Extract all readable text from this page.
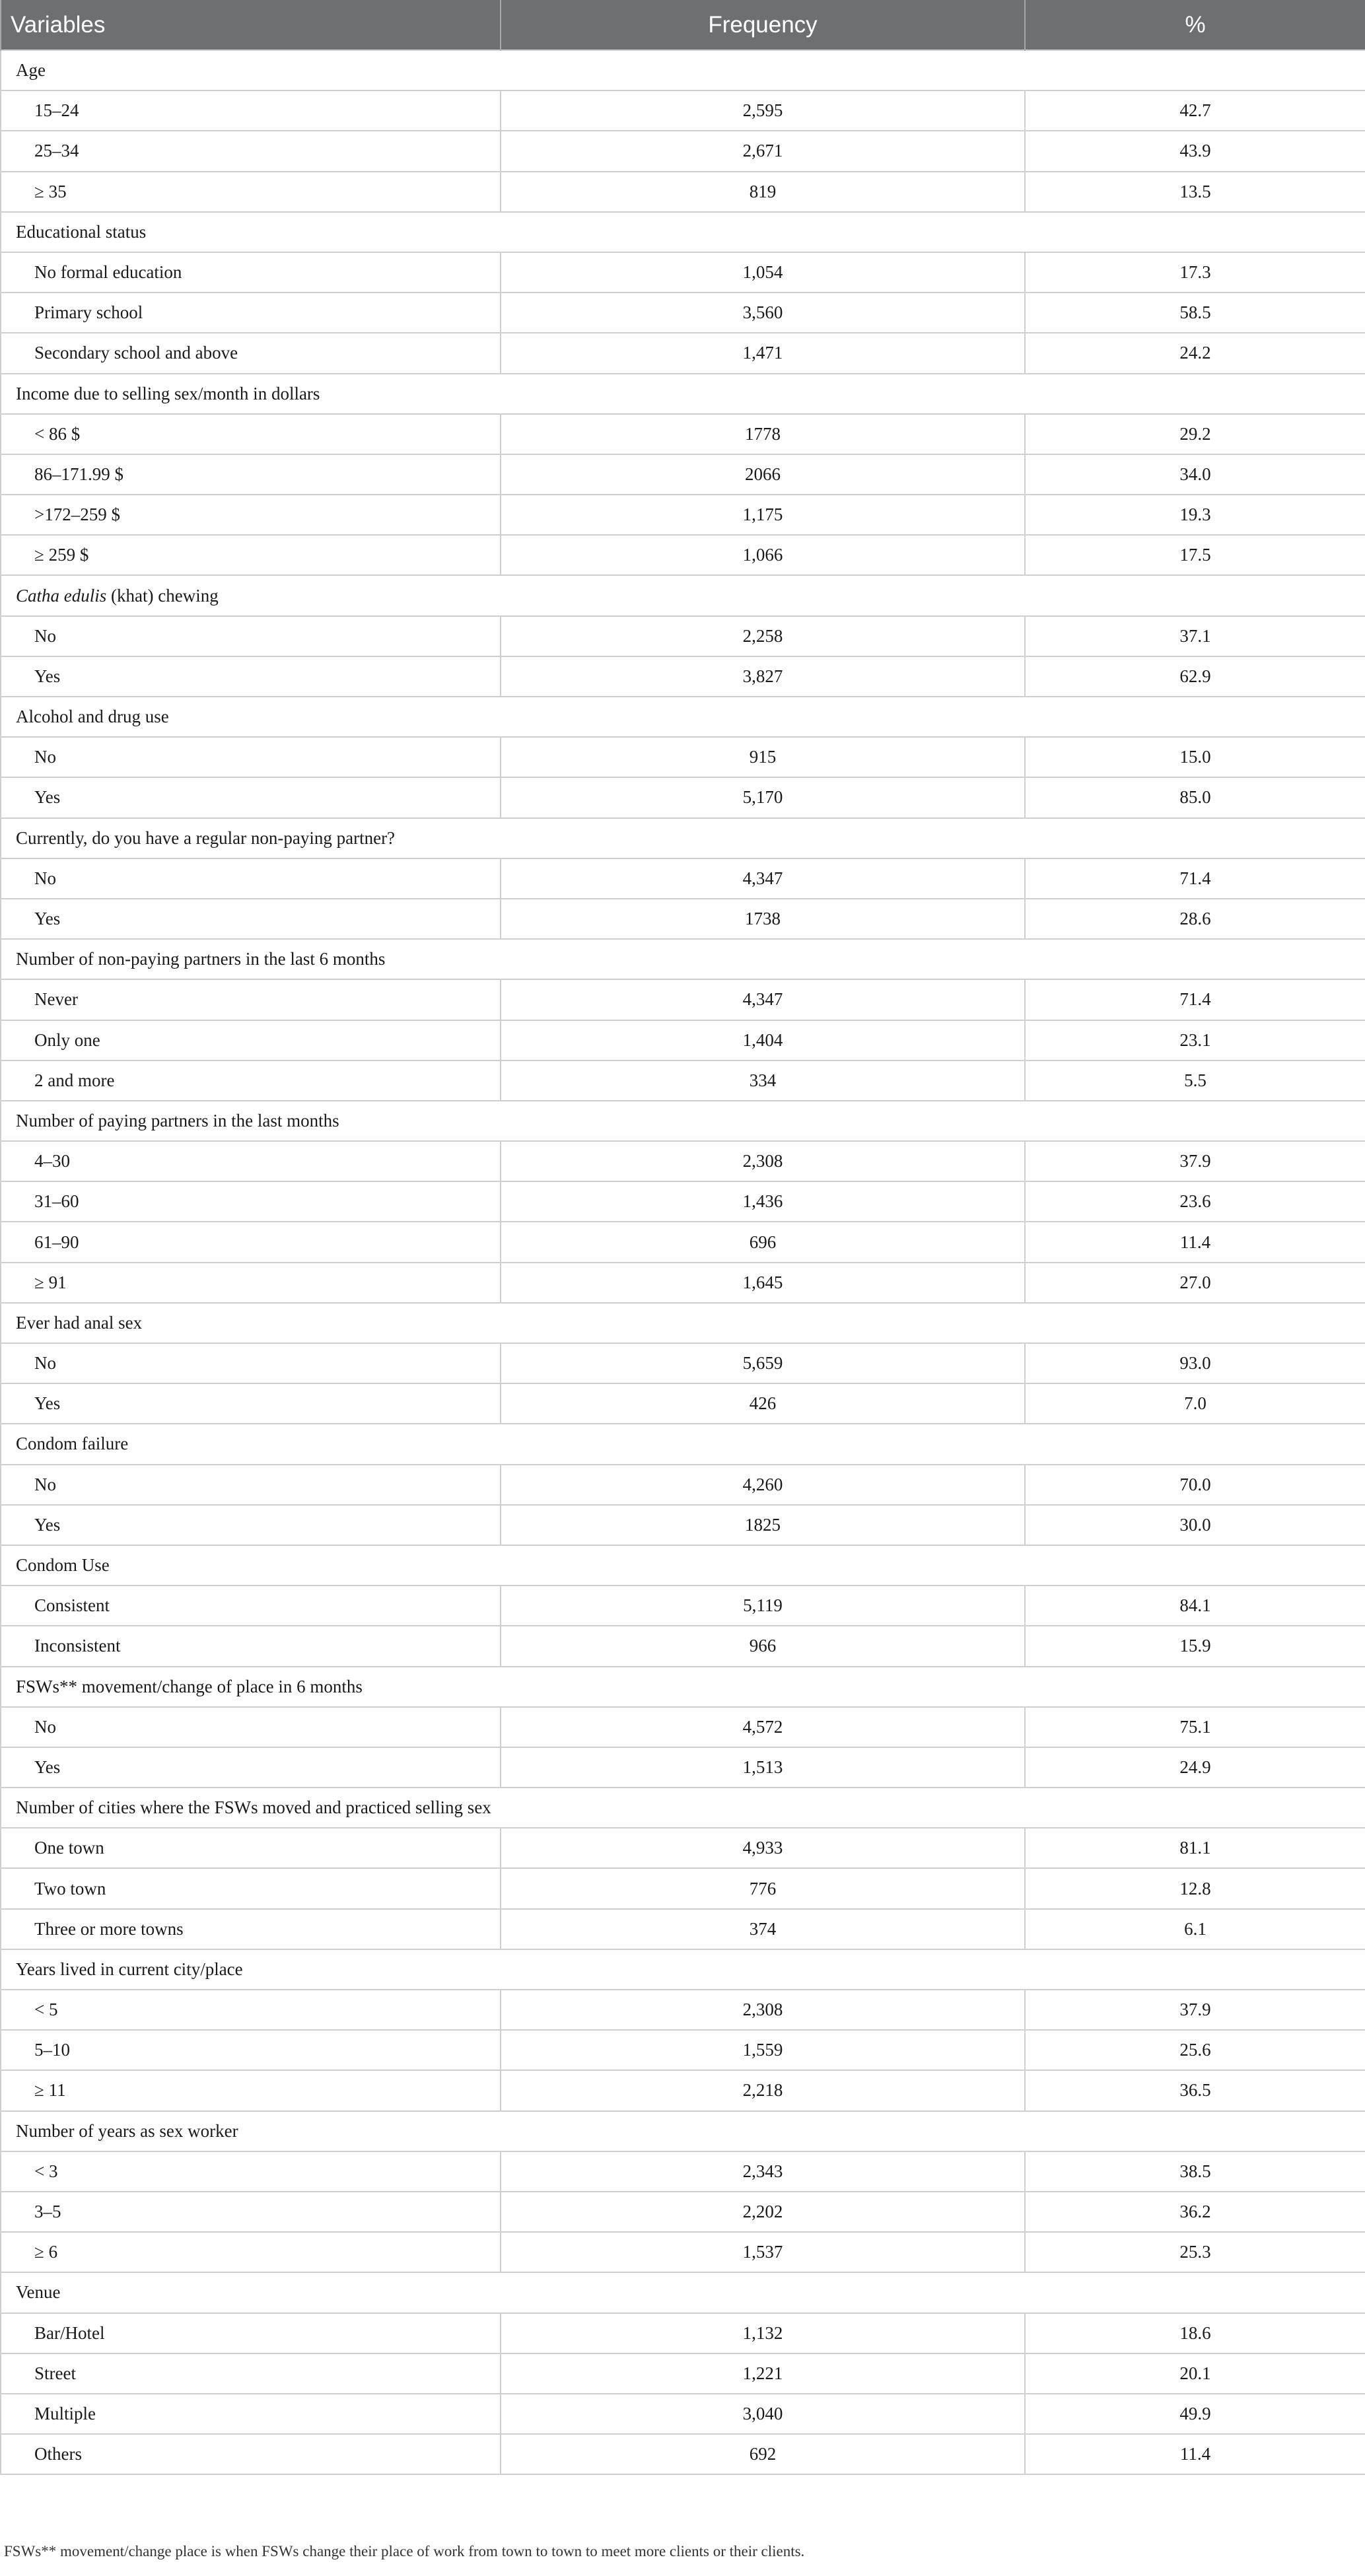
Variables	Frequency	%
Age		
15–24	2,595	42.7
25–34	2,671	43.9
≥ 35	819	13.5
Educational status		
No formal education	1,054	17.3
Primary school	3,560	58.5
Secondary school and above	1,471	24.2
Income due to selling sex/month in dollars		
< 86 $	1778	29.2
86–171.99 $	2066	34.0
>172–259 $	1,175	19.3
≥ 259 $	1,066	17.5
Catha edulis (khat) chewing		
No	2,258	37.1
Yes	3,827	62.9
Alcohol and drug use		
No	915	15.0
Yes	5,170	85.0
Currently, do you have a regular non-paying partner?		
No	4,347	71.4
Yes	1738	28.6
Number of non-paying partners in the last 6 months		
Never	4,347	71.4
Only one	1,404	23.1
2 and more	334	5.5
Number of paying partners in the last months		
4–30	2,308	37.9
31–60	1,436	23.6
61–90	696	11.4
≥ 91	1,645	27.0
Ever had anal sex		
No	5,659	93.0
Yes	426	7.0
Condom failure		
No	4,260	70.0
Yes	1825	30.0
Condom Use		
Consistent	5,119	84.1
Inconsistent	966	15.9
FSWs** movement/change of place in 6 months		
No	4,572	75.1
Yes	1,513	24.9
Number of cities where the FSWs moved and practiced selling sex		
One town	4,933	81.1
Two town	776	12.8
Three or more towns	374	6.1
Years lived in current city/place		
< 5	2,308	37.9
5–10	1,559	25.6
≥ 11	2,218	36.5
Number of years as sex worker		
< 3	2,343	38.5
3–5	2,202	36.2
≥ 6	1,537	25.3
Venue		
Bar/Hotel	1,132	18.6
Street	1,221	20.1
Multiple	3,040	49.9
Others	692	11.4
FSWs** movement/change place is when FSWs change their place of work from town to town to meet more clients or their clients.
